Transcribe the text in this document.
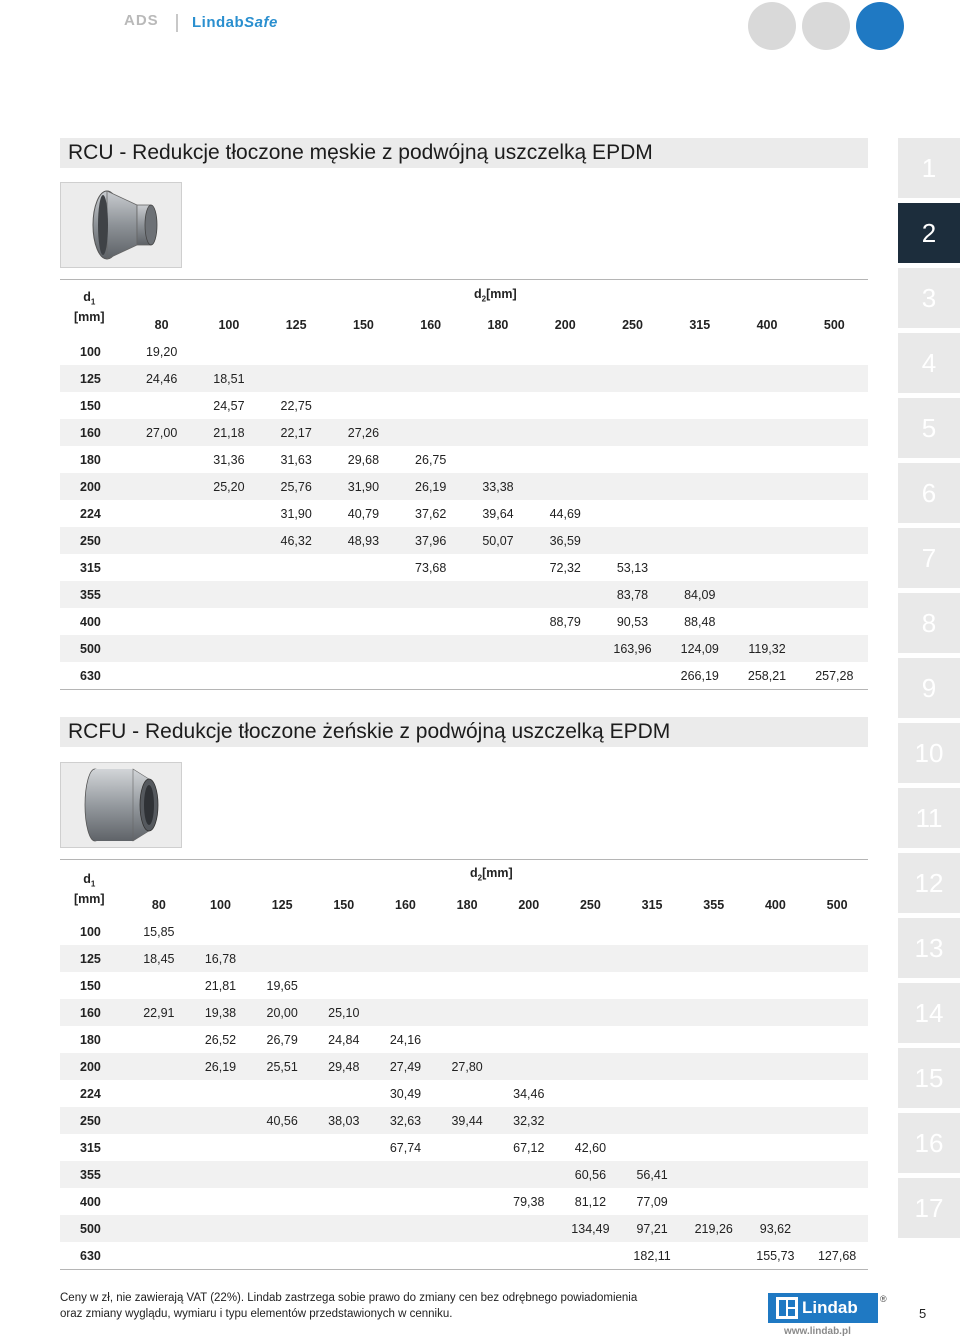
ADS LindabSafe
1
2
3
4
5
6
7
8
9
10
11
12
13
14
15
16
17
RCU - Redukcje tłoczone męskie z podwójną uszczelką EPDM
$d_1$
[mm]
$d_2[mm]$

	80	100	125	150	160	180	200	250	315	400	500
100	19,20										
125	24,46	18,51									
150		24,57	22,75								
160	27,00	21,18	22,17	27,26							
180		31,36	31,63	29,68	26,75						
200		25,20	25,76	31,90	26,19	33,38					
224			31,90	40,79	37,62	39,64	44,69				
250			46,32	48,93	37,96	50,07	36,59				
315					73,68		72,32	53,13			
355								83,78	84,09		
400							88,79	90,53	88,48		
500								163,96	124,09	119,32	
630									266,19	258,21	257,28
RCFU - Redukcje tłoczone żeńskie z podwójną uszczelką EPDM
$d_1$
[mm]
$d_2[mm]$

	80	100	125	150	160	180	200	250	315	355	400	500
100	15,85											
125	18,45	16,78										
150		21,81	19,65									
160	22,91	19,38	20,00	25,10								
180		26,52	26,79	24,84	24,16							
200		26,19	25,51	29,48	27,49	27,80						
224					30,49		34,46					
250			40,56	38,03	32,63	39,44	32,32					
315					67,74		67,12	42,60				
355								60,56	56,41			
400							79,38	81,12	77,09			
500								134,49	97,21	219,26	93,62	
630									182,11		155,73	127,68
Ceny w zł, nie zawierają VAT (22%). Lindab zastrzega sobie prawo do zmiany cen bez odrębnego powiadomienia
oraz zmiany wyglądu, wymiaru i typu elementów przedstawionych w cenniku.	Lindab ®
www.lindab.pl
5
